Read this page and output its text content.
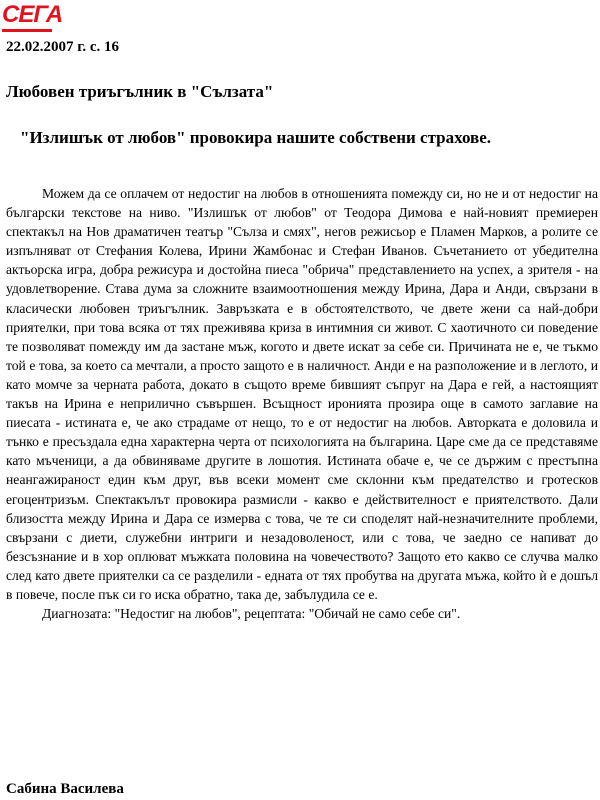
СЕГА
22.02.2007 г. с. 16
Любовен триъгълник в "Сълзата"
"Излишък от любов" провокира нашите собствени страхове.

Можем да се оплачем от недостиг на любов в отношенията помежду си, но не и от недостиг на български текстове на ниво. "Излишък от любов" от Теодора Димова е най-новият премиерен спектакъл на Нов драматичен театър "Сълза и смях", негов режисьор е Пламен Марков, а ролите се изпълняват от Стефания Колева, Ирини Жамбонас и Стефан Иванов. Съчетанието от убедителна актьорска игра, добра режисура и достойна пиеса "обрича" представлението на успех, а зрителя - на удовлетворение. Става дума за сложните взаимоотношения между Ирина, Дара и Анди, свързани в класически любовен триъгълник. Завръзката е в обстоятелството, че двете жени са най-добри приятелки, при това всяка от тях преживява криза в интимния си живот. С хаотичното си поведение те позволяват помежду им да застане мъж, когото и двете искат за себе си. Причината не е, че тъкмо той е това, за което са мечтали, а просто защото е в наличност. Анди е на разположение и в леглото, и като момче за черната работа, докато в същото време бившият съпруг на Дара е гей, а настоящият такъв на Ирина е неприлично съвършен. Всъщност иронията прозира още в самото заглавие на пиесата - истината е, че ако страдаме от нещо, то е от недостиг на любов. Авторката е доловила и тънко е пресъздала една характерна черта от психологията на българина. Царе сме да се представяме като мъченици, а да обвиняваме другите в лошотия. Истината обаче е, че се държим с престъпна неангажираност един към друг, във всеки момент сме склонни към предателство и гротесков егоцентризъм. Спектакълът провокира размисли - какво е действителност е приятелството. Дали близостта между Ирина и Дара се измерва с това, че те си споделят най-незначителните проблеми, свързани с диети, служебни интриги и незадоволеност, или с това, че заедно се напиват до безсъзнание и в хор оплюват мъжката половина на човечеството? Защото ето какво се случва малко след като двете приятелки са се разделили - едната от тях пробутва на другата мъжа, който ѝ е дошъл в повече, после пък си го иска обратно, така де, забълудила се е.

Диагнозата: "Недостиг на любов", рецептата: "Обичай не само себе си".

Сабина Василева
